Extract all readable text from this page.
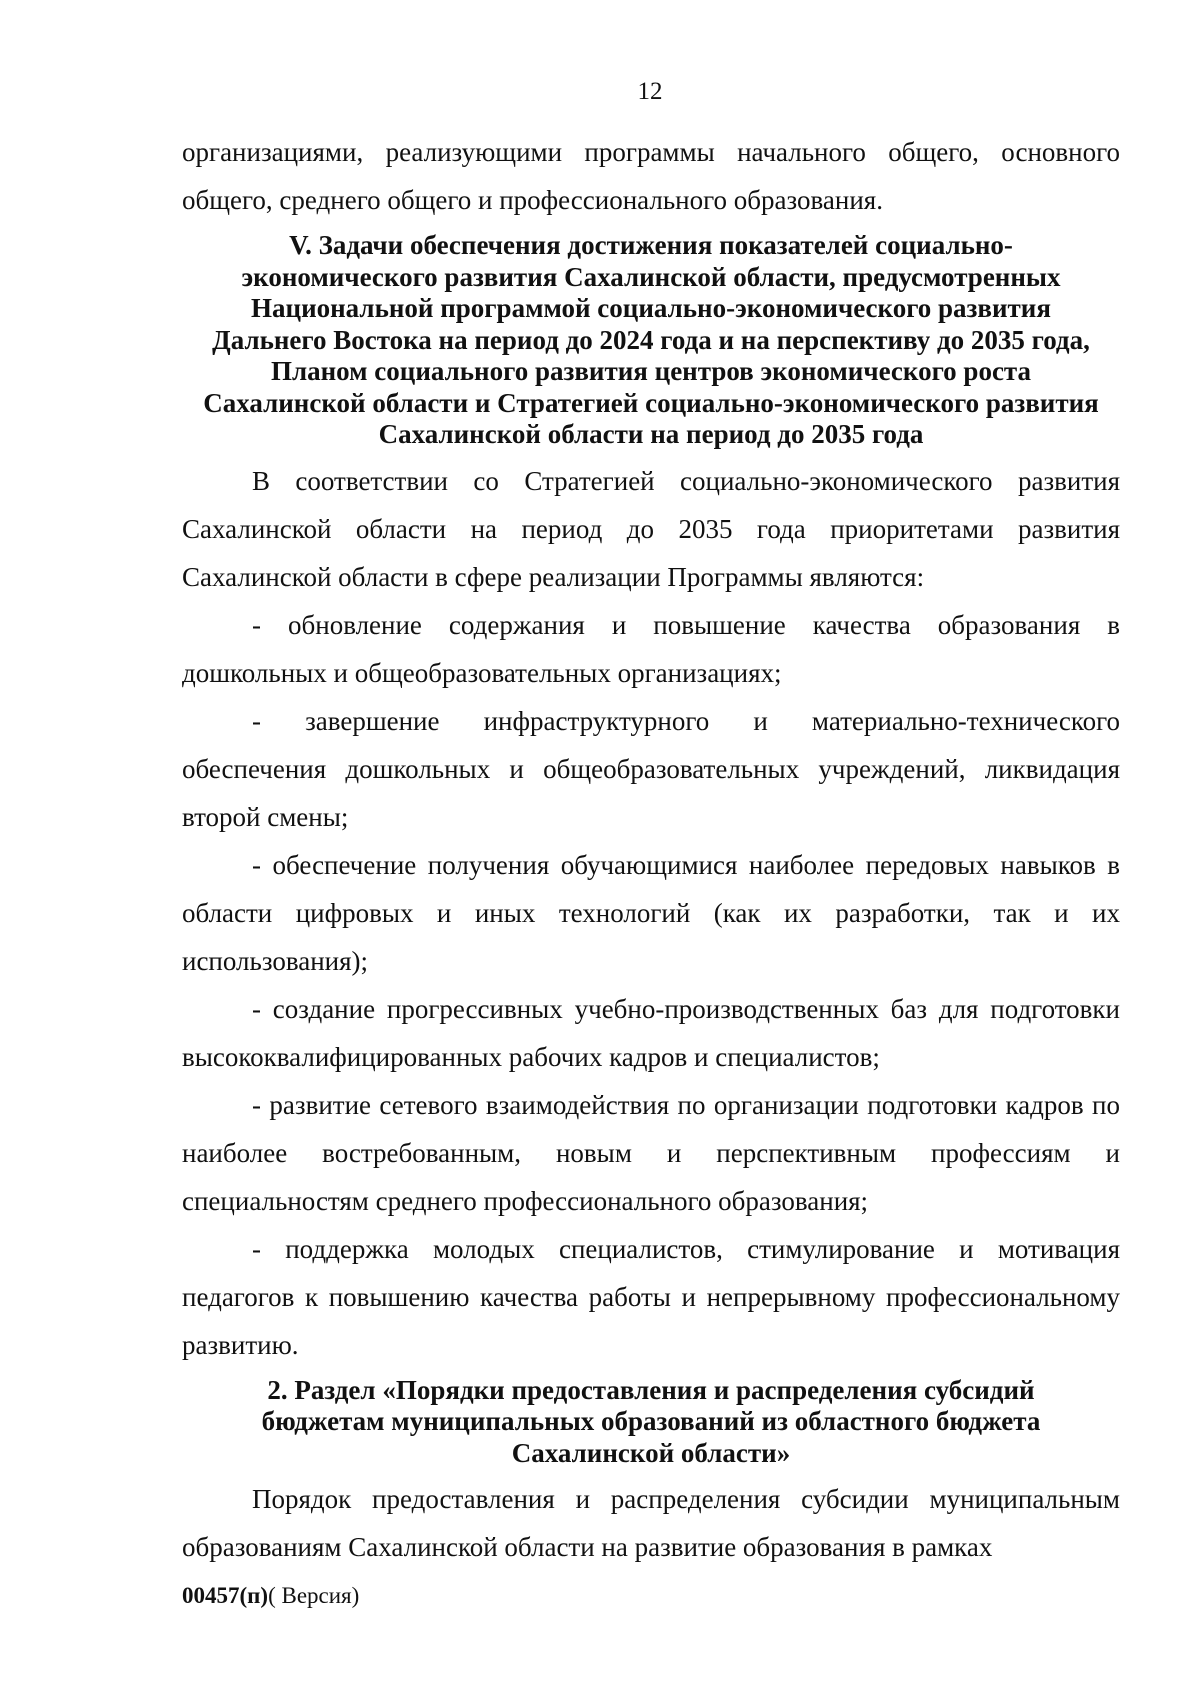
12

организациями, реализующими программы начального общего, основного общего, среднего общего и профессионального образования.

V. Задачи обеспечения достижения показателей социально-
экономического развития Сахалинской области, предусмотренных
Национальной программой социально-экономического развития
Дальнего Востока на период до 2024 года и на перспективу до 2035 года,
Планом социального развития центров экономического роста
Сахалинской области и Стратегией социально-экономического развития
Сахалинской области на период до 2035 года

В соответствии со Стратегией социально-экономического развития Сахалинской области на период до 2035 года приоритетами развития Сахалинской области в сфере реализации Программы являются:

- обновление содержания и повышение качества образования в дошкольных и общеобразовательных организациях;

- завершение инфраструктурного и материально-технического обеспечения дошкольных и общеобразовательных учреждений, ликвидация второй смены;

- обеспечение получения обучающимися наиболее передовых навыков в области цифровых и иных технологий (как их разработки, так и их использования);

- создание прогрессивных учебно-производственных баз для подготовки высококвалифицированных рабочих кадров и специалистов;

- развитие сетевого взаимодействия по организации подготовки кадров по наиболее востребованным, новым и перспективным профессиям и специальностям среднего профессионального образования;

- поддержка молодых специалистов, стимулирование и мотивация педагогов к повышению качества работы и непрерывному профессиональному развитию.

2. Раздел «Порядки предоставления и распределения субсидий
бюджетам муниципальных образований из областного бюджета
Сахалинской области»

Порядок предоставления и распределения субсидии муниципальным образованиям Сахалинской области на развитие образования в рамках

00457(п)( Версия)
